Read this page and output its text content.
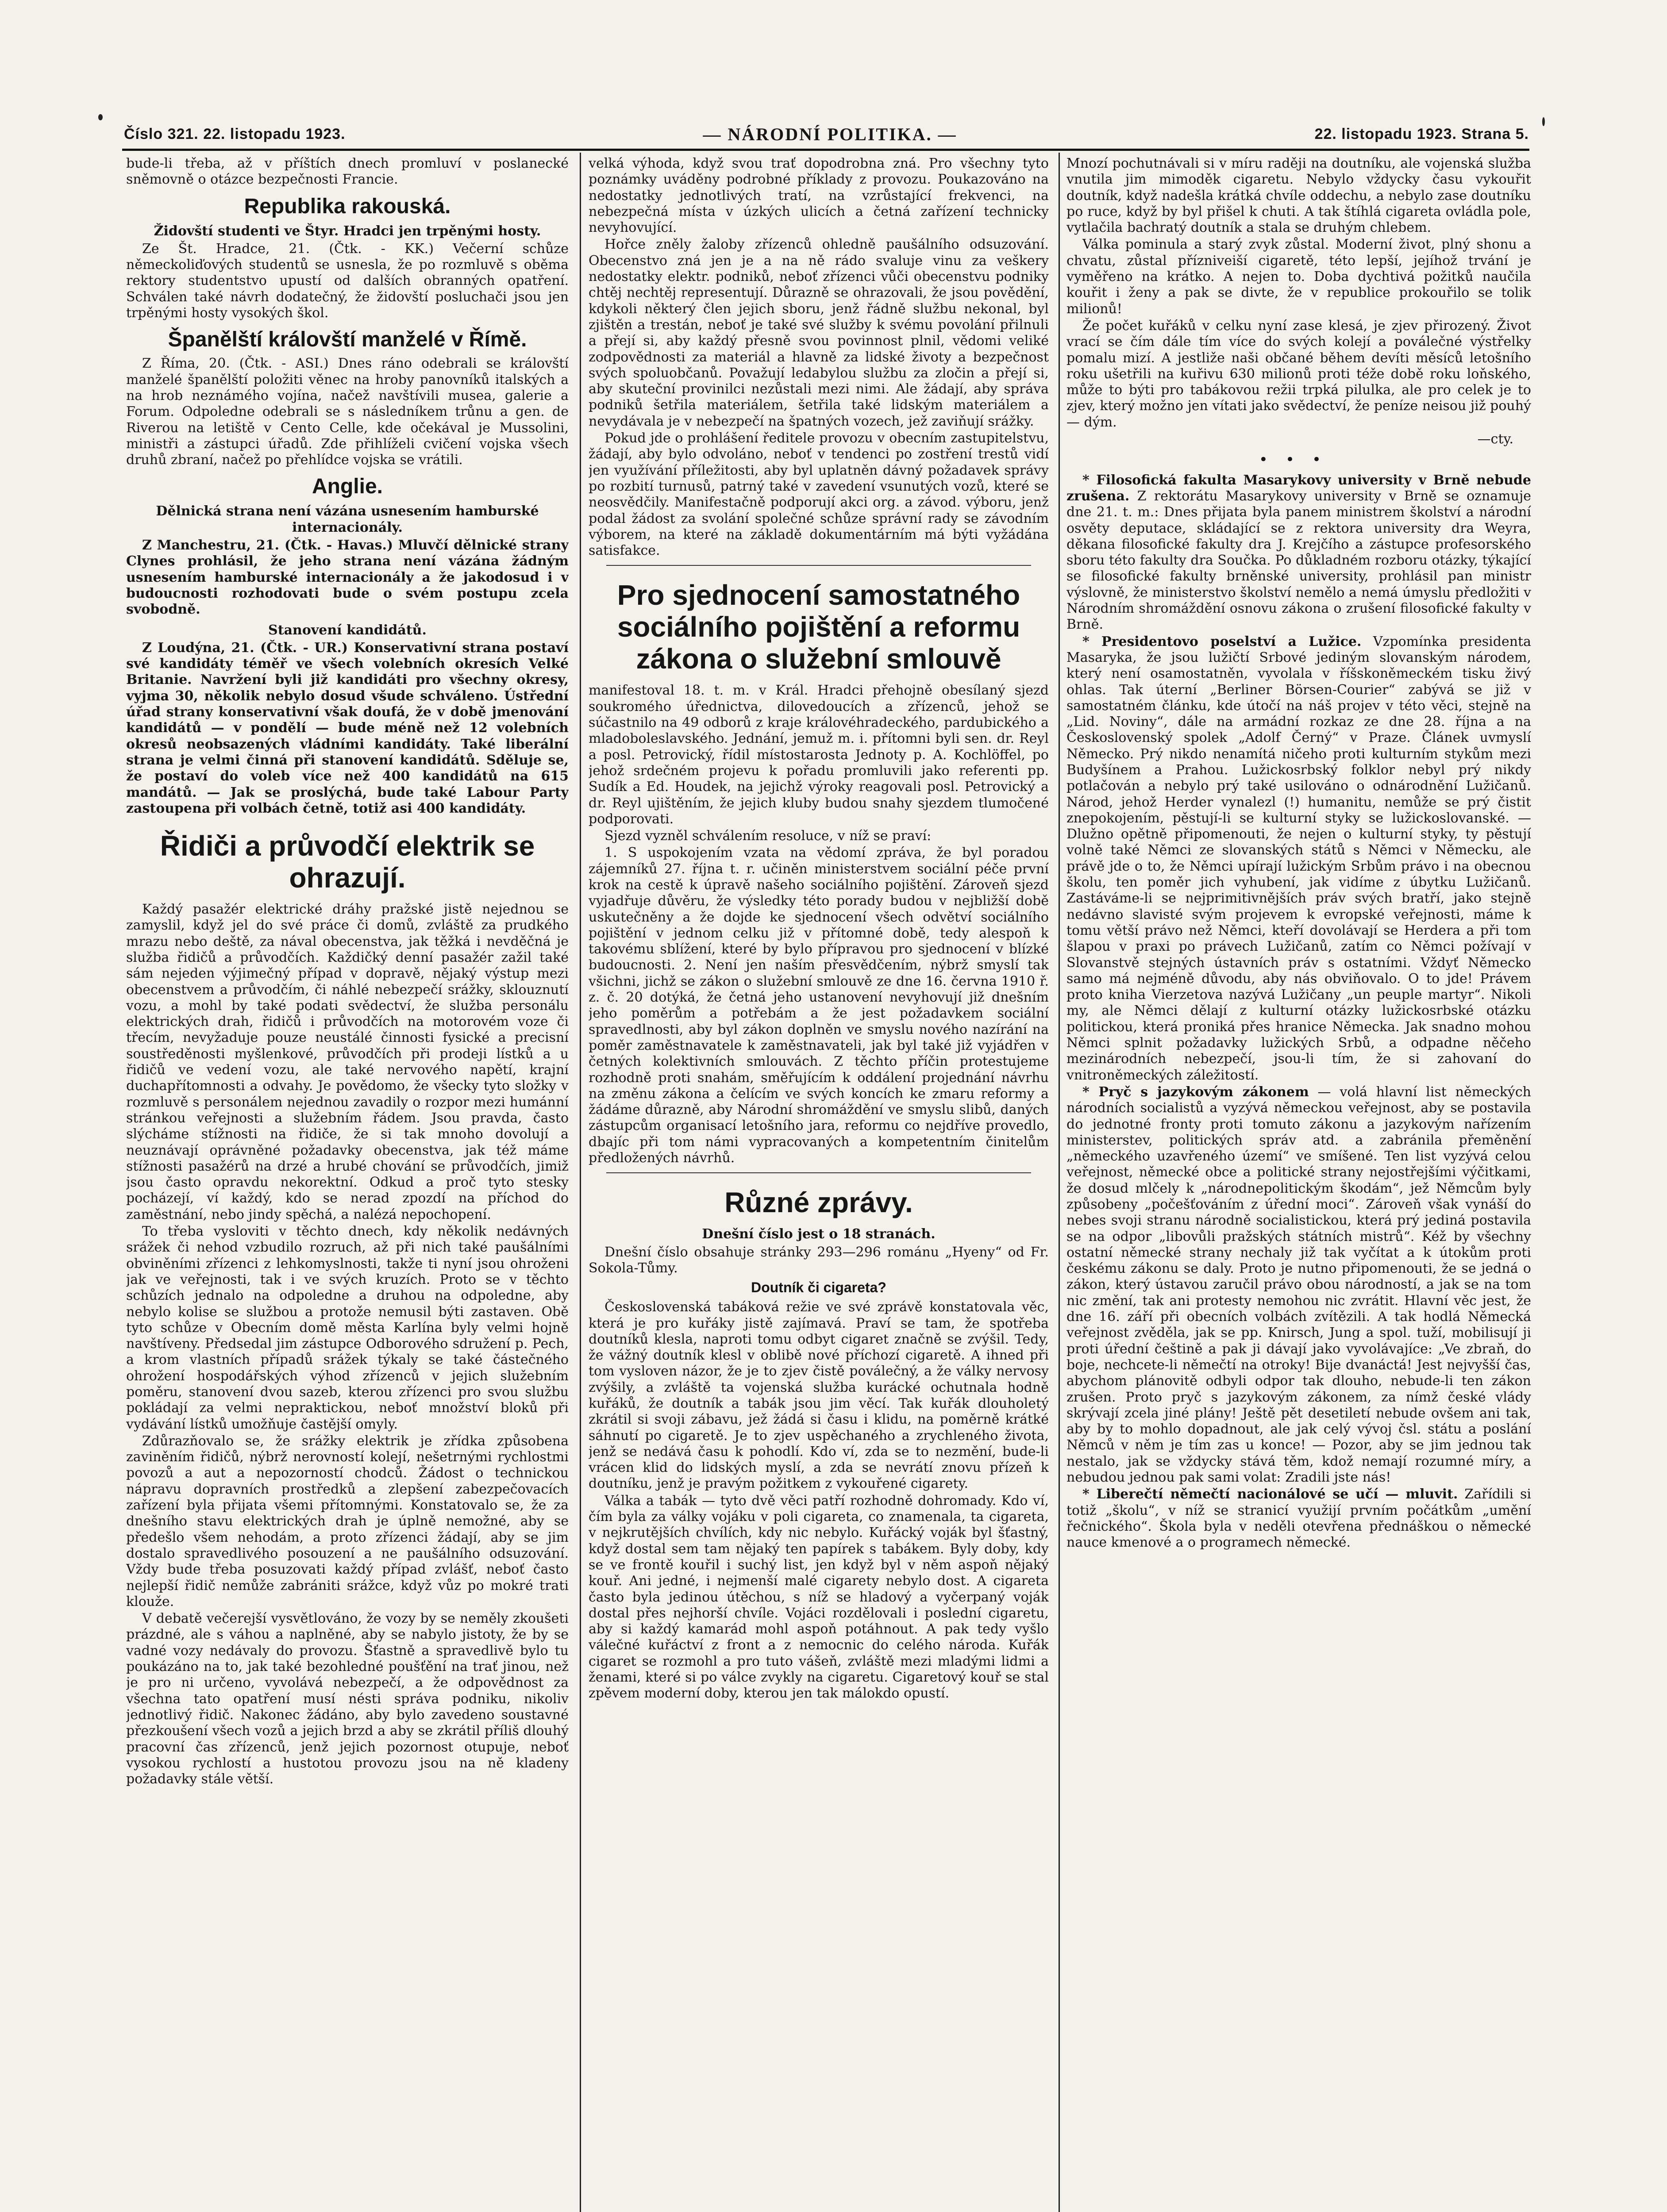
Číslo 321. 22. listopadu 1923.	— NÁRODNÍ POLITIKA. —	22. listopadu 1923. Strana 5.

bude-li třeba, až v příštích dnech promluví v poslanecké sněmovně o otázce bezpečnosti Francie.

Republika rakouská.
Židovští studenti ve Štyr. Hradci jen trpěnými hosty.

Ze Št. Hradce, 21. (Čtk. - KK.) Večerní schůze německoliďových studentů se usnesla, že po rozmluvě s oběma rektory studentstvo upustí od dalších obranných opatření. Schválen také návrh dodatečný, že židovští posluchači jsou jen trpěnými hosty vysokých škol.

Španělští královští manželé v Římě.

Z Říma, 20. (Čtk. - ASI.) Dnes ráno odebrali se královští manželé španělští položiti věnec na hroby panovníků italských a na hrob neznámého vojína, načež navštívili musea, galerie a Forum. Odpoledne odebrali se s následníkem trůnu a gen. de Riverou na letiště v Cento Celle, kde očekával je Mussolini, ministři a zástupci úřadů. Zde přihlíželi cvičení vojska všech druhů zbraní, načež po přehlídce vojska se vrátili.

Anglie.
Dělnická strana není vázána usnesením hamburské internacionály.

Z Manchestru, 21. (Čtk. - Havas.) Mluvčí dělnické strany Clynes prohlásil, že jeho strana není vázána žádným usnesením hamburské internacionály a že jakodosud i v budoucnosti rozhodovati bude o svém postupu zcela svobodně.

Stanovení kandidátů.

Z Loudýna, 21. (Čtk. - UR.) Konservativní strana postaví své kandidáty téměř ve všech volebních okresích Velké Britanie. Navržení byli již kandidáti pro všechny okresy, vyjma 30, několik nebylo dosud všude schváleno. Ústřední úřad strany konservativní však doufá, že v době jmenování kandidátů — v pondělí — bude méně než 12 volebních okresů neobsazených vládními kandidáty. Také liberální strana je velmi činná při stanovení kandidátů. Sděluje se, že postaví do voleb více než 400 kandidátů na 615 mandátů. — Jak se proslýchá, bude také Labour Party zastoupena při volbách četně, totiž asi 400 kandidáty.

Řidiči a průvodčí elektrik se ohrazují.

Každý pasažér elektrické dráhy pražské jistě nejednou se zamyslil, když jel do své práce či domů, zvláště za prudkého mrazu nebo deště, za nával obecenstva, jak těžká i nevděčná je služba řidičů a průvodčích. Každičký denní pasažér zažil také sám nejeden výjimečný případ v dopravě, nějaký výstup mezi obecenstvem a průvodčím, či náhlé nebezpečí srážky, sklouznutí vozu, a mohl by také podati svědectví, že služba personálu elektrických drah, řidičů i průvodčích na motorovém voze či třecím, nevyžaduje pouze neustálé činnosti fysické a precisní soustředěnosti myšlenkové, průvodčích při prodeji lístků a u řidičů ve vedení vozu, ale také nervového napětí, krajní duchapřítomnosti a odvahy. Je povědomo, že všecky tyto složky v rozmluvě s personálem nejednou zavadily o rozpor mezi humánní stránkou veřejnosti a služebním řádem. Jsou pravda, často slýcháme stížnosti na řidiče, že si tak mnoho dovolují a neuznávají oprávněné požadavky obecenstva, jak též máme stížnosti pasažérů na drzé a hrubé chování se průvodčích, jimiž jsou často opravdu nekorektní. Odkud a proč tyto stesky pocházejí, ví každý, kdo se nerad zpozdí na příchod do zaměstnání, nebo jindy spěchá, a nalézá nepochopení.

To třeba vysloviti v těchto dnech, kdy několik nedávných srážek či nehod vzbudilo rozruch, až při nich také paušálními obviněními zřízenci z lehkomyslnosti, takže ti nyní jsou ohroženi jak ve veřejnosti, tak i ve svých kruzích. Proto se v těchto schůzích jednalo na odpoledne a druhou na odpoledne, aby nebylo kolise se službou a protože nemusil býti zastaven. Obě tyto schůze v Obecním domě města Karlína byly velmi hojně navštíveny. Předsedal jim zástupce Odborového sdružení p. Pech, a krom vlastních případů srážek týkaly se také částečného ohrožení hospodářských výhod zřízenců v jejich služebním poměru, stanovení dvou sazeb, kterou zřízenci pro svou službu pokládají za velmi nepraktickou, neboť množství bloků při vydávání lístků umožňuje častější omyly.

Zdůrazňovalo se, že srážky elektrik je zřídka způsobena zaviněním řidičů, nýbrž nerovností kolejí, nešetrnými rychlostmi povozů a aut a nepozorností chodců. Žádost o technickou nápravu dopravních prostředků a zlepšení zabezpečovacích zařízení byla přijata všemi přítomnými. Konstatovalo se, že za dnešního stavu elektrických drah je úplně nemožné, aby se předešlo všem nehodám, a proto zřízenci žádají, aby se jim dostalo spravedlivého posouzení a ne paušálního odsuzování. Vždy bude třeba posuzovati každý případ zvlášť, neboť často nejlepší řidič nemůže zabrániti srážce, když vůz po mokré trati klouže.

V debatě večerejší vysvětlováno, že vozy by se neměly zkoušeti prázdné, ale s váhou a naplněné, aby se nabylo jistoty, že by se vadné vozy nedávaly do provozu. Šťastně a spravedlivě bylo tu poukázáno na to, jak také bezohledné poušťění na trať jinou, než je pro ni určeno, vyvolává nebezpečí, a že odpovědnost za všechna tato opatření musí nésti správa podniku, nikoliv jednotlivý řidič. Nakonec žádáno, aby bylo zavedeno soustavné přezkoušení všech vozů a jejich brzd a aby se zkrátil příliš dlouhý pracovní čas zřízenců, jenž jejich pozornost otupuje, neboť vysokou rychlostí a hustotou provozu jsou na ně kladeny požadavky stále větší.

velká výhoda, když svou trať dopodrobna zná. Pro všechny tyto poznámky uváděny podrobné příklady z provozu. Poukazováno na nedostatky jednotlivých tratí, na vzrůstající frekvenci, na nebezpečná místa v úzkých ulicích a četná zařízení technicky nevyhovující.

Hořce zněly žaloby zřízenců ohledně paušálního odsuzování. Obecenstvo zná jen je a na ně rádo svaluje vinu za veškery nedostatky elektr. podniků, neboť zřízenci vůči obecenstvu podniky chtěj nechtěj representují. Důrazně se ohrazovali, že jsou povědění, kdykoli některý člen jejich sboru, jenž řádně službu nekonal, byl zjištěn a trestán, neboť je také své služby k svému povolání přilnuli a přejí si, aby každý přesně svou povinnost plnil, vědomi veliké zodpovědnosti za materiál a hlavně za lidské životy a bezpečnost svých spoluobčanů. Považují ledabylou službu za zločin a přejí si, aby skuteční provinilci nezůstali mezi nimi. Ale žádají, aby správa podniků šetřila materiálem, šetřila také lidským materiálem a nevydávala je v nebezpečí na špatných vozech, jež zaviňují srážky.

Pokud jde o prohlášení ředitele provozu v obecním zastupitelstvu, žádají, aby bylo odvoláno, neboť v tendenci po zostření trestů vidí jen využívání příležitosti, aby byl uplatněn dávný požadavek správy po rozbití turnusů, patrný také v zavedení vsunutých vozů, které se neosvědčily. Manifestačně podporují akci org. a závod. výboru, jenž podal žádost za svolání společné schůze správní rady se závodním výborem, na které na základě dokumentárním má býti vyžádána satisfakce.

Pro sjednocení samostatného sociálního pojištění a reformu zákona o služební smlouvě

manifestoval 18. t. m. v Král. Hradci přehojně obesílaný sjezd soukromého úřednictva, dilovedoucích a zřízenců, jehož se súčastnilo na 49 odborů z kraje královéhradeckého, pardubického a mladoboleslavského. Jednání, jemuž m. i. přítomni byli sen. dr. Reyl a posl. Petrovický, řídil místostarosta Jednoty p. A. Kochlöffel, po jehož srdečném projevu k pořadu promluvili jako referenti pp. Sudík a Ed. Houdek, na jejichž výroky reagovali posl. Petrovický a dr. Reyl ujištěním, že jejich kluby budou snahy sjezdem tlumočené podporovati.

Sjezd vyzněl schválením resoluce, v níž se praví:

1. S uspokojením vzata na vědomí zpráva, že byl poradou zájemníků 27. října t. r. učiněn ministerstvem sociální péče první krok na cestě k úpravě našeho sociálního pojištění. Zároveň sjezd vyjadřuje důvěru, že výsledky této porady budou v nejbližší době uskutečněny a že dojde ke sjednocení všech odvětví sociálního pojištění v jednom celku již v přítomné době, tedy alespoň k takovému sblížení, které by bylo přípravou pro sjednocení v blízké budoucnosti. 2. Není jen naším přesvědčením, nýbrž smyslí tak všichni, jichž se zákon o služební smlouvě ze dne 16. června 1910 ř. z. č. 20 dotýká, že četná jeho ustanovení nevyhovují již dnešním jeho poměrům a potřebám a že jest požadavkem sociální spravedlnosti, aby byl zákon doplněn ve smyslu nového nazírání na poměr zaměstnavatele k zaměstnavateli, jak byl také již vyjádřen v četných kolektivních smlouvách. Z těchto příčin protestujeme rozhodně proti snahám, směřujícím k oddálení projednání návrhu na změnu zákona a čelícím ve svých koncích ke zmaru reformy a žádáme důrazně, aby Národní shromáždění ve smyslu slibů, daných zástupcům organisací letošního jara, reformu co nejdříve provedlo, dbajíc při tom námi vypracovaných a kompetentním činitelům předložených návrhů.

Různé zprávy.
Dnešní číslo jest o 18 stranách.

Dnešní číslo obsahuje stránky 293—296 románu „Hyeny“ od Fr. Sokola-Tůmy.

Doutník či cigareta?

Československá tabáková režie ve své zprávě konstatovala věc, která je pro kuřáky jistě zajímavá. Praví se tam, že spotřeba doutníků klesla, naproti tomu odbyt cigaret značně se zvýšil. Tedy, že vážný doutník klesl v oblibě nové příchozí cigaretě. A ihned při tom vysloven názor, že je to zjev čistě poválečný, a že války nervosy zvýšily, a zvláště ta vojenská služba kurácké ochutnala hodně kuřáků, že doutník a tabák jsou jim věcí. Tak kuřák dlouholetý zkrátil si svoji zábavu, jež žádá si času i klidu, na poměrně krátké sáhnutí po cigaretě. Je to zjev uspěchaného a zrychleného života, jenž se nedává času k pohodlí. Kdo ví, zda se to nezmění, bude-li vrácen klid do lidských myslí, a zda se nevrátí znovu přízeň k doutníku, jenž je pravým požitkem z vykouřené cigarety.

Válka a tabák — tyto dvě věci patří rozhodně dohromady. Kdo ví, čím byla za války vojáku v poli cigareta, co znamenala, ta cigareta, v nejkrutějších chvílích, kdy nic nebylo. Kuřácký voják byl šťastný, když dostal sem tam nějaký ten papírek s tabákem. Byly doby, kdy se ve frontě kouřil i suchý list, jen když byl v něm aspoň nějaký kouř. Ani jedné, i nejmenší malé cigarety nebylo dost. A cigareta často byla jedinou útěchou, s níž se hladový a vyčerpaný voják dostal přes nejhorší chvíle. Vojáci rozdělovali i poslední cigaretu, aby si každý kamarád mohl aspoň potáhnout. A pak tedy vyšlo válečné kuřáctví z front a z nemocnic do celého národa. Kuřák cigaret se rozmohl a pro tuto vášeň, zvláště mezi mladými lidmi a ženami, které si po válce zvykly na cigaretu. Cigaretový kouř se stal zpěvem moderní doby, kterou jen tak málokdo opustí.

Mnozí pochutnávali si v míru raději na doutníku, ale vojenská služba vnutila jim mimoděk cigaretu. Nebylo vždycky času vykouřit doutník, když nadešla krátká chvíle oddechu, a nebylo zase doutníku po ruce, když by byl přišel k chuti. A tak štíhlá cigareta ovládla pole, vytlačila bachratý doutník a stala se druhým chlebem.

Válka pominula a starý zvyk zůstal. Moderní život, plný shonu a chvatu, zůstal přízniveiší cigaretě, této lepší, jejíhož trvání je vyměřeno na krátko. A nejen to. Doba dychtivá požitků naučila kouřit i ženy a pak se divte, že v republice prokouřilo se tolik milionů!

Že počet kuřáků v celku nyní zase klesá, je zjev přirozený. Život vrací se čím dále tím více do svých kolejí a poválečné výstřelky pomalu mizí. A jestliže naši občané během devíti měsíců letošního roku ušetřili na kuřivu 630 milionů proti téže době roku loňského, může to býti pro tabákovou režii trpká pilulka, ale pro celek je to zjev, který možno jen vítati jako svědectví, že peníze neisou již pouhý — dým.

—cty.
•••

* Filosofická fakulta Masarykovy university v Brně nebude zrušena. Z rektorátu Masarykovy university v Brně se oznamuje dne 21. t. m.: Dnes přijata byla panem ministrem školství a národní osvěty deputace, skládající se z rektora university dra Weyra, děkana filosofické fakulty dra J. Krejčího a zástupce profesorského sboru této fakulty dra Součka. Po důkladném rozboru otázky, týkající se filosofické fakulty brněnské university, prohlásil pan ministr výslovně, že ministerstvo školství nemělo a nemá úmyslu předložiti v Národním shromáždění osnovu zákona o zrušení filosofické fakulty v Brně.

* Presidentovo poselství a Lužice. Vzpomínka presidenta Masaryka, že jsou lužičtí Srbové jediným slovanským národem, který není osamostatněn, vyvolala v říšskoněmeckém tisku živý ohlas. Tak úterní „Berliner Börsen-Courier“ zabývá se již v samostatném článku, kde útočí na náš projev v této věci, stejně na „Lid. Noviny“, dále na armádní rozkaz ze dne 28. října a na Československý spolek „Adolf Černý“ v Praze. Článek uvmyslí Německo. Prý nikdo nenamítá ničeho proti kulturním stykům mezi Budyšínem a Prahou. Lužickosrbský folklor nebyl prý nikdy potlačován a nebylo prý také usilováno o odnárodnění Lužičanů. Národ, jehož Herder vynalezl (!) humanitu, nemůže se prý čistit znepokojením, pěstují-li se kulturní styky se lužickoslovanské. — Dlužno opětně připomenouti, že nejen o kulturní styky, ty pěstují volně také Němci ze slovanských států s Němci v Německu, ale právě jde o to, že Němci upírají lužickým Srbům právo i na obecnou školu, ten poměr jich vyhubení, jak vidíme z úbytku Lužičanů. Zastáváme-li se nejprimitivnějších práv svých bratří, jako stejně nedávno slavisté svým projevem k evropské veřejnosti, máme k tomu větší právo než Němci, kteří dovolávají se Herdera a při tom šlapou v praxi po právech Lužičanů, zatím co Němci požívají v Slovanstvě stejných ústavních práv s ostatními. Vždyť Německo samo má nejméně důvodu, aby nás obviňovalo. O to jde! Právem proto kniha Vierzetova nazývá Lužičany „un peuple martyr“. Nikoli my, ale Němci dělají z kulturní otázky lužickosrbské otázku politickou, která proniká přes hranice Německa. Jak snadno mohou Němci splnit požadavky lužických Srbů, a odpadne něčeho mezinárodních nebezpečí, jsou-li tím, že si zahovaní do vnitroněmeckých záležitostí.

* Pryč s jazykovým zákonem — volá hlavní list německých národních socialistů a vyzývá německou veřejnost, aby se postavila do jednotné fronty proti tomuto zákonu a jazykovým nařízením ministerstev, politických správ atd. a zabránila přeměnění „německého uzavřeného území“ ve smíšené. Ten list vyzývá celou veřejnost, německé obce a politické strany nejostřejšími výčitkami, že dosud mlčely k „národnepolitickým škodám“, jež Němcům byly způsobeny „počešťováním z úřední moci“. Zároveň však vynáší do nebes svoji stranu národně socialistickou, která prý jediná postavila se na odpor „libovůli pražských státních mistrů“. Kéž by všechny ostatní německé strany nechaly již tak vyčítat a k útokům proti českému zákonu se daly. Proto je nutno připomenouti, že se jedná o zákon, který ústavou zaručil právo obou národností, a jak se na tom nic změní, tak ani protesty nemohou nic zvrátit. Hlavní věc jest, že dne 16. září při obecních volbách zvítězili. A tak hodlá Německá veřejnost zvěděla, jak se pp. Knirsch, Jung a spol. tuží, mobilisují ji proti úřední češtině a pak ji dávají jako vyvolávajíce: „Ve zbraň, do boje, nechcete-li němečtí na otroky! Bije dvanáctá! Jest nejvyšší čas, abychom plánovitě odbyli odpor tak dlouho, nebude-li ten zákon zrušen. Proto pryč s jazykovým zákonem, za nímž české vlády skrývají zcela jiné plány! Ještě pět desetiletí nebude ovšem ani tak, aby by to mohlo dopadnout, ale jak celý vývoj čsl. státu a poslání Němců v něm je tím zas u konce! — Pozor, aby se jim jednou tak nestalo, jak se vždycky stává těm, kdož nemají rozumné míry, a nebudou jednou pak sami volat: Zradili jste nás!

* Liberečtí němečtí nacionálové se učí — mluvit. Zařídili si totiž „školu“, v níž se stranicí využijí prvním počátkům „umění řečnického“. Škola byla v neděli otevřena přednáškou o německé nauce kmenové a o programech německé.
